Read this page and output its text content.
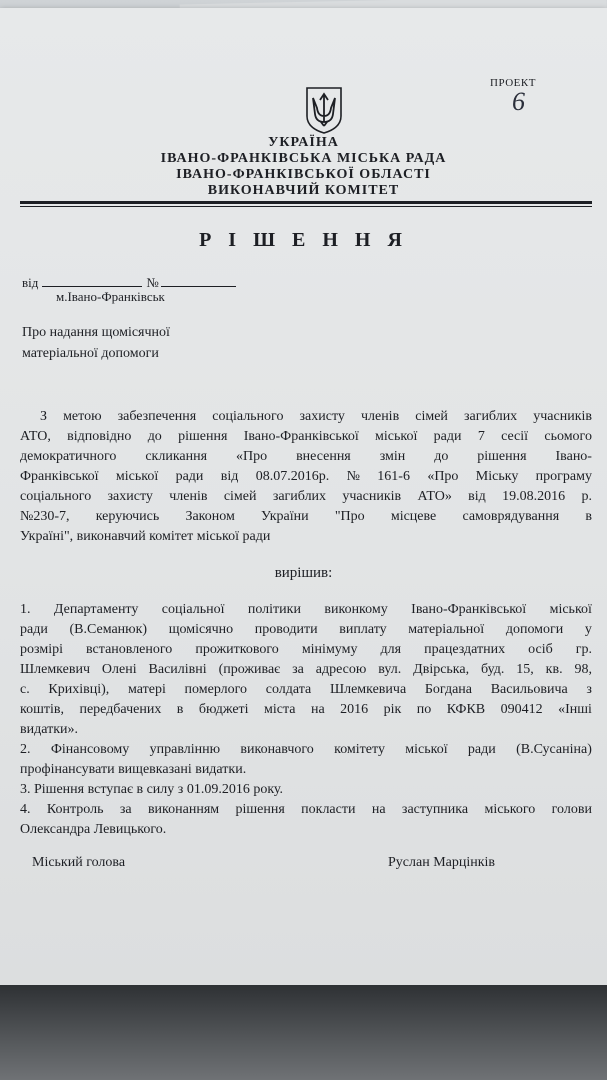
ПРОЕКТ
6
УКРАЇНА
ІВАНО-ФРАНКІВСЬКА МІСЬКА РАДА
ІВАНО-ФРАНКІВСЬКОЇ ОБЛАСТІ
ВИКОНАВЧИЙ КОМІТЕТ
Р І Ш Е Н Н Я
від	№
м.Івано-Франківськ
Про надання щомісячної
матеріальної допомоги
З метою забезпечення соціального захисту членів сімей загиблих учасників
АТО, відповідно до рішення Івано-Франківської міської ради 7 сесії сьомого
демократичного скликання «Про внесення змін до рішення Івано-
Франківської міської ради від 08.07.2016р. № 161-6 «Про Міську програму
соціального захисту членів сімей загиблих учасників АТО» від 19.08.2016 р.
№230-7, керуючись Законом України "Про місцеве самоврядування в
Україні", виконавчий комітет міської ради
вирішив:
1. Департаменту соціальної політики виконкому Івано-Франківської міської
ради (В.Семанюк) щомісячно проводити виплату матеріальної допомоги у
розмірі встановленого прожиткового мінімуму для працездатних осіб гр.
Шлемкевич Олені Василівні (проживає за адресою вул. Двірська, буд. 15, кв. 98,
с. Крихівці), матері померлого солдата Шлемкевича Богдана Васильовича з
коштів, передбачених в бюджеті міста на 2016 рік по КФКВ 090412 «Інші
видатки».
2. Фінансовому управлінню виконавчого комітету міської ради (В.Сусаніна)
профінансувати вищевказані видатки.
3. Рішення вступає в силу з 01.09.2016 року.
4. Контроль за виконанням рішення покласти на заступника міського голови
Олександра Левицького.
Міський голова	Руслан Марцінків
